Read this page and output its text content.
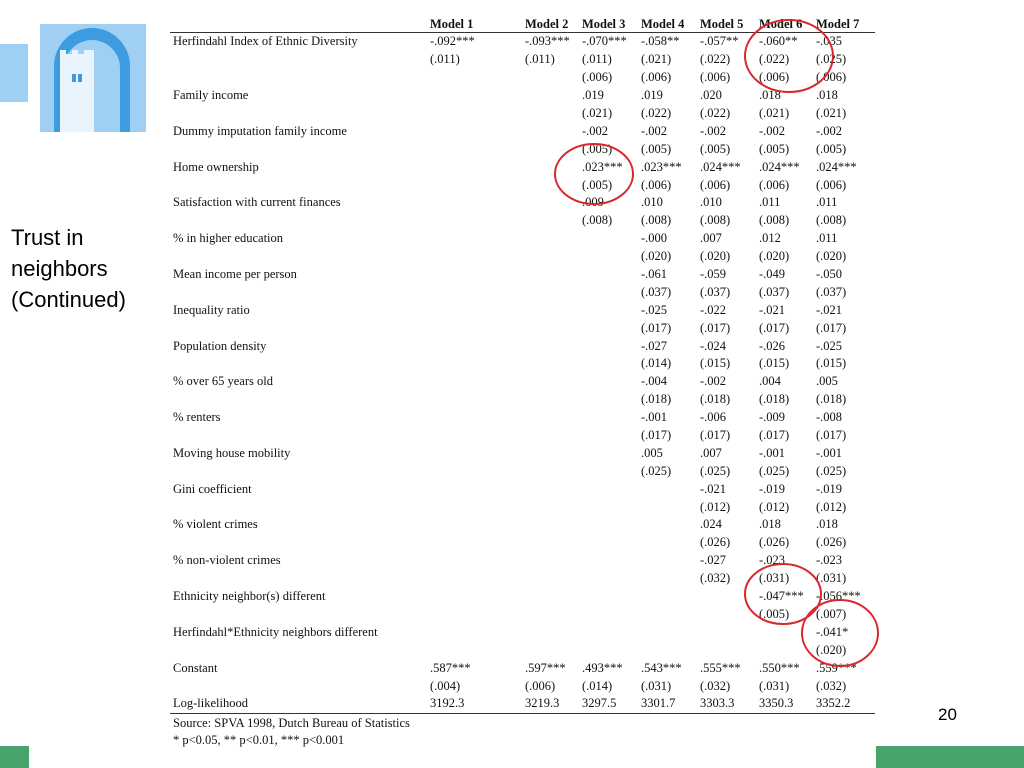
Trust in
neighbors
(Continued)
	Model 1	Model 2	Model 3	Model 4	Model 5	Model 6	Model 7
Herfindahl Index of Ethnic Diversity	-.092***	-.093***	-.070***	-.058**	-.057**	-.060**	-.035
	(.011)	(.011)	(.011)	(.021)	(.022)	(.022)	(.025)
			(.006)	(.006)	(.006)	(.006)	(.006)
Family income			.019	.019	.020	.018	.018
			(.021)	(.022)	(.022)	(.021)	(.021)
Dummy imputation family income			-.002	-.002	-.002	-.002	-.002
			(.005)	(.005)	(.005)	(.005)	(.005)
Home ownership			.023***	.023***	.024***	.024***	.024***
			(.005)	(.006)	(.006)	(.006)	(.006)
Satisfaction with current finances			.009	.010	.010	.011	.011
			(.008)	(.008)	(.008)	(.008)	(.008)
% in higher education				-.000	.007	.012	.011
				(.020)	(.020)	(.020)	(.020)
Mean income per person				-.061	-.059	-.049	-.050
				(.037)	(.037)	(.037)	(.037)
Inequality ratio				-.025	-.022	-.021	-.021
				(.017)	(.017)	(.017)	(.017)
Population density				-.027	-.024	-.026	-.025
				(.014)	(.015)	(.015)	(.015)
% over 65 years old				-.004	-.002	.004	.005
				(.018)	(.018)	(.018)	(.018)
% renters				-.001	-.006	-.009	-.008
				(.017)	(.017)	(.017)	(.017)
Moving house mobility				.005	.007	-.001	-.001
				(.025)	(.025)	(.025)	(.025)
Gini coefficient					-.021	-.019	-.019
					(.012)	(.012)	(.012)
% violent crimes					.024	.018	.018
					(.026)	(.026)	(.026)
% non-violent crimes					-.027	-.023	-.023
					(.032)	(.031)	(.031)
Ethnicity neighbor(s) different						-.047***	-.056***
						(.005)	(.007)
Herfindahl*Ethnicity neighbors different							-.041*
							(.020)
Constant	.587***	.597***	.493***	.543***	.555***	.550***	.559***
	(.004)	(.006)	(.014)	(.031)	(.032)	(.031)	(.032)
Log-likelihood	3192.3	3219.3	3297.5	3301.7	3303.3	3350.3	3352.2
Source: SPVA 1998, Dutch Bureau of Statistics
* p<0.05, ** p<0.01, *** p<0.001
20
